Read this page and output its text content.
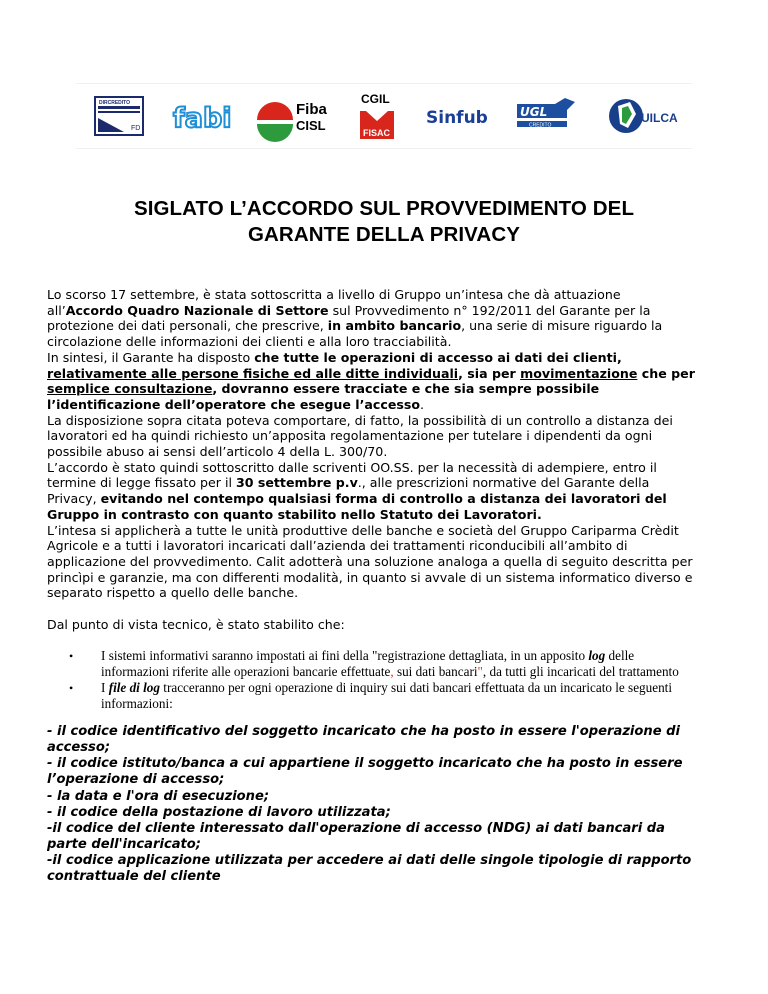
FD
DIRCREDITO fabi	Fiba
CISL
CGIL
FISAC
Sinfub	UGL
CREDITO
UILCA
SIGLATO L’ACCORDO SUL PROVVEDIMENTO DEL
GARANTE DELLA PRIVACY

Lo scorso 17 settembre, è stata sottoscritta a livello di Gruppo un’intesa che dà attuazione all’Accordo Quadro Nazionale di Settore sul Provvedimento n° 192/2011 del Garante per la protezione dei dati personali, che prescrive, in ambito bancario, una serie di misure riguardo la circolazione delle informazioni dei clienti e alla loro tracciabilità.

In sintesi, il Garante ha disposto che tutte le operazioni di accesso ai dati dei clienti, relativamente alle persone fisiche ed alle ditte individuali, sia per movimentazione che per semplice consultazione, dovranno essere tracciate e che sia sempre possibile l’identificazione dell’operatore che esegue l’accesso.

La disposizione sopra citata poteva comportare, di fatto, la possibilità di un controllo a distanza dei lavoratori ed ha quindi richiesto un’apposita regolamentazione per tutelare i dipendenti da ogni possibile abuso ai sensi dell’articolo 4 della L. 300/70.

L’accordo è stato quindi sottoscritto dalle scriventi OO.SS. per la necessità di adempiere, entro il termine di legge fissato per il 30 settembre p.v., alle prescrizioni normative del Garante della Privacy, evitando nel contempo qualsiasi forma di controllo a distanza dei lavoratori del Gruppo in contrasto con quanto stabilito nello Statuto dei Lavoratori.

L’intesa si applicherà a tutte le unità produttive delle banche e società del Gruppo Cariparma Crèdit Agricole e a tutti i lavoratori incaricati dall’azienda dei trattamenti riconducibili all’ambito di applicazione del provvedimento. Calit adotterà una soluzione analoga a quella di seguito descritta per princìpi e garanzie, ma con differenti modalità, in quanto si avvale di un sistema informatico diverso e separato rispetto a quello delle banche.

Dal punto di vista tecnico, è stato stabilito che:

• I sistemi informativi saranno impostati ai fini della "registrazione dettagliata, in un apposito log delle informazioni riferite alle operazioni bancarie effettuate, sui dati bancari", da tutti gli incaricati del trattamento
• I file di log tracceranno per ogni operazione di inquiry sui dati bancari effettuata da un incaricato le seguenti informazioni:
- il codice identificativo del soggetto incaricato che ha posto in essere l'operazione di accesso;
- il codice istituto/banca a cui appartiene il soggetto incaricato che ha posto in essere l’operazione di accesso;
- la data e l'ora di esecuzione;
- il codice della postazione di lavoro utilizzata;
-il codice del cliente interessato dall'operazione di accesso (NDG) ai dati bancari da parte dell'incaricato;
-il codice applicazione utilizzata per accedere ai dati delle singole tipologie di rapporto contrattuale del cliente
